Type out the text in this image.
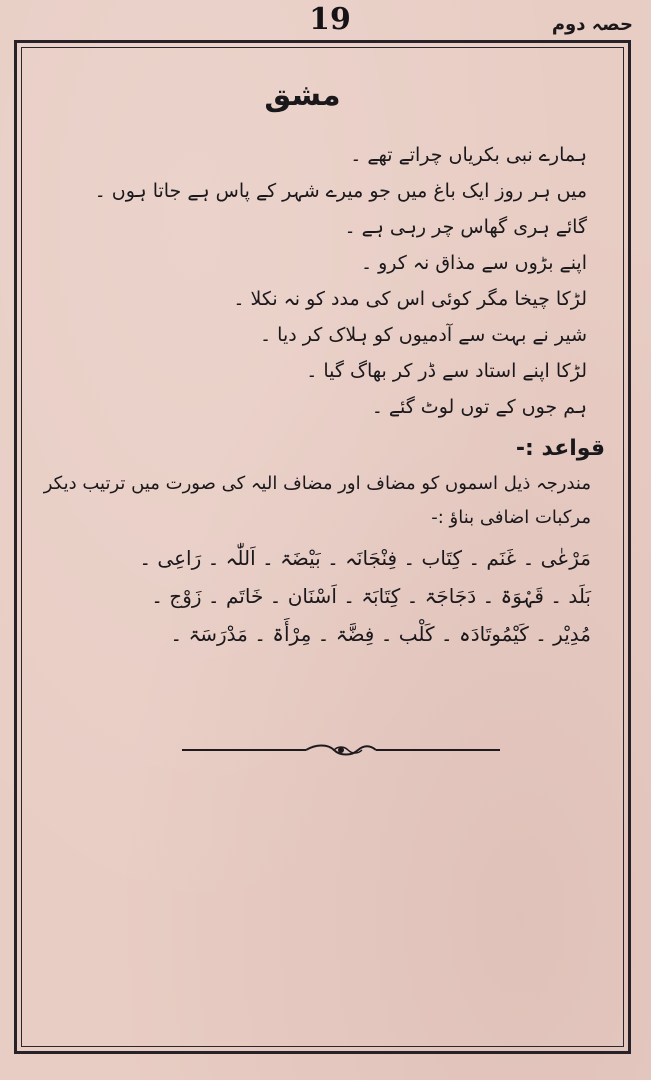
19	حصہ دوم
مشق
ہمارے نبی بکریاں چراتے تھے ۔
میں ہر روز ایک باغ میں جو میرے شہر کے پاس ہے جاتا ہوں ۔
گائے ہری گھاس چر رہی ہے ۔
اپنے بڑوں سے مذاق نہ کرو ۔
لڑکا چیخا مگر کوئی اس کی مدد کو نہ نکلا ۔
شیر نے بہت سے آدمیوں کو ہلاک کر دیا ۔
لڑکا اپنے استاد سے ڈر کر بھاگ گیا ۔
ہم جوں کے توں لوٹ گئے ۔
قواعد :-
مندرجہ ذیل اسموں کو مضاف اور مضاف الیہ کی صورت میں ترتیب دیکر مرکبات اضافی بناؤ :-
مَرْعٰی ۔ غَنَم ۔ کِتَاب ۔ فِنْجَانَہ ۔ بَیْضَۃ ۔ اَللّٰہ ۔ رَاعِی ۔
بَلَد ۔ قَہْوَۃ ۔ دَجَاجَۃ ۔ کِتَابَۃ ۔ اَسْنَان ۔ خَاتَم ۔ زَوْج ۔
مُدِیْر ۔ کَیْمُوتَادَہ ۔ کَلْب ۔ فِضَّۃ ۔ مِرْأَۃ ۔ مَدْرَسَۃ ۔
